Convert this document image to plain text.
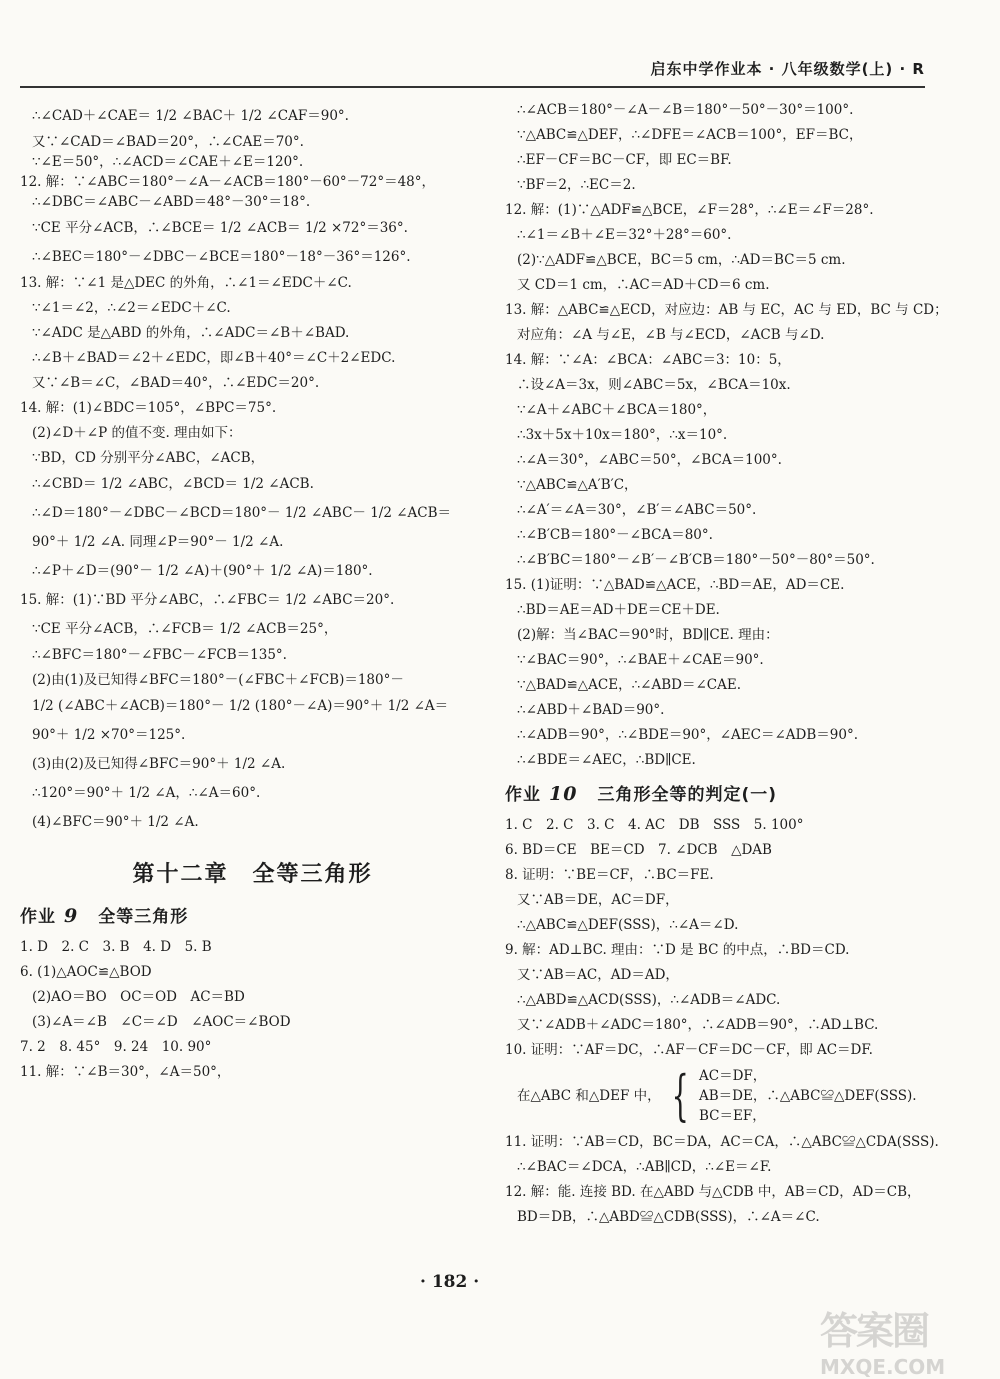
启东中学作业本 · 八年级数学(上) · R

∴∠CAD＋∠CAE＝ 1/2 ∠BAC＋ 1/2 ∠CAF＝90°.

又∵∠CAD＝∠BAD＝20°，∴∠CAE＝70°.

∵∠E＝50°，∴∠ACD＝∠CAE＋∠E＝120°.

12. 解：∵∠ABC＝180°－∠A－∠ACB＝180°－60°－72°＝48°，

∴∠DBC＝∠ABC－∠ABD＝48°－30°＝18°.

∵CE 平分∠ACB，∴∠BCE＝ 1/2 ∠ACB＝ 1/2 ×72°＝36°.

∴∠BEC＝180°－∠DBC－∠BCE＝180°－18°－36°＝126°.

13. 解：∵∠1 是△DEC 的外角，∴∠1＝∠EDC＋∠C.

∵∠1＝∠2，∴∠2＝∠EDC＋∠C.

∵∠ADC 是△ABD 的外角，∴∠ADC＝∠B＋∠BAD.

∴∠B＋∠BAD＝∠2＋∠EDC，即∠B＋40°＝∠C＋2∠EDC.

又∵∠B＝∠C，∠BAD＝40°，∴∠EDC＝20°.

14. 解：(1)∠BDC＝105°，∠BPC＝75°.

(2)∠D＋∠P 的值不变. 理由如下：

∵BD，CD 分别平分∠ABC，∠ACB，

∴∠CBD＝ 1/2 ∠ABC，∠BCD＝ 1/2 ∠ACB.

∴∠D＝180°－∠DBC－∠BCD＝180°－ 1/2 ∠ABC－ 1/2 ∠ACB＝

90°＋ 1/2 ∠A. 同理∠P＝90°－ 1/2 ∠A.

∴∠P＋∠D＝(90°－ 1/2 ∠A)＋(90°＋ 1/2 ∠A)＝180°.

15. 解：(1)∵BD 平分∠ABC，∴∠FBC＝ 1/2 ∠ABC＝20°.

∵CE 平分∠ACB，∴∠FCB＝ 1/2 ∠ACB＝25°，

∴∠BFC＝180°－∠FBC－∠FCB＝135°.

(2)由(1)及已知得∠BFC＝180°－(∠FBC＋∠FCB)＝180°－

1/2 (∠ABC＋∠ACB)＝180°－ 1/2 (180°－∠A)＝90°＋ 1/2 ∠A＝

90°＋ 1/2 ×70°＝125°.

(3)由(2)及已知得∠BFC＝90°＋ 1/2 ∠A.

∴120°＝90°＋ 1/2 ∠A，∴∠A＝60°.

(4)∠BFC＝90°＋ 1/2 ∠A.

第十二章　全等三角形
作业 9 全等三角形

1. D　2. C　3. B　4. D　5. B

6. (1)△AOC≌△BOD

(2)AO＝BO　OC＝OD　AC＝BD

(3)∠A＝∠B　∠C＝∠D　∠AOC＝∠BOD

7. 2　8. 45°　9. 24　10. 90°

11. 解：∵∠B＝30°，∠A＝50°，

∴∠ACB＝180°－∠A－∠B＝180°－50°－30°＝100°.

∵△ABC≌△DEF，∴∠DFE＝∠ACB＝100°，EF＝BC，

∴EF－CF＝BC－CF，即 EC＝BF.

∵BF＝2，∴EC＝2.

12. 解：(1)∵△ADF≌△BCE，∠F＝28°，∴∠E＝∠F＝28°.

∴∠1＝∠B＋∠E＝32°＋28°＝60°.

(2)∵△ADF≌△BCE，BC＝5 cm，∴AD＝BC＝5 cm.

又 CD＝1 cm，∴AC＝AD＋CD＝6 cm.

13. 解：△ABC≌△ECD，对应边：AB 与 EC，AC 与 ED，BC 与 CD；

对应角：∠A 与∠E，∠B 与∠ECD，∠ACB 与∠D.

14. 解：∵∠A：∠BCA：∠ABC＝3：10：5，

∴设∠A＝3x，则∠ABC＝5x，∠BCA＝10x.

∵∠A＋∠ABC＋∠BCA＝180°，

∴3x＋5x＋10x＝180°，∴x＝10°.

∴∠A＝30°，∠ABC＝50°，∠BCA＝100°.

∵△ABC≌△A′B′C，

∴∠A′＝∠A＝30°，∠B′＝∠ABC＝50°.

∴∠B′CB＝180°－∠BCA＝80°.

∴∠B′BC＝180°－∠B′－∠B′CB＝180°－50°－80°＝50°.

15. (1)证明：∵△BAD≌△ACE，∴BD＝AE，AD＝CE.

∴BD＝AE＝AD＋DE＝CE＋DE.

(2)解：当∠BAC＝90°时，BD∥CE. 理由：

∵∠BAC＝90°，∴∠BAE＋∠CAE＝90°.

∵△BAD≌△ACE，∴∠ABD＝∠CAE.

∴∠ABD＋∠BAD＝90°.

∴∠ADB＝90°，∴∠BDE＝90°，∠AEC＝∠ADB＝90°.

∴∠BDE＝∠AEC，∴BD∥CE.

作业 10 三角形全等的判定(一)

1. C　2. C　3. C　4. AC　DB　SSS　5. 100°

6. BD＝CE　BE＝CD　7. ∠DCB　△DAB

8. 证明：∵BE＝CF，∴BC＝FE.

又∵AB＝DE，AC＝DF，

∴△ABC≌△DEF(SSS)，∴∠A＝∠D.

9. 解：AD⊥BC. 理由：∵D 是 BC 的中点，∴BD＝CD.

又∵AB＝AC，AD＝AD，

∴△ABD≌△ACD(SSS)，∴∠ADB＝∠ADC.

又∵∠ADB＋∠ADC＝180°，∴∠ADB＝90°，∴AD⊥BC.

10. 证明：∵AF＝DC，∴AF－CF＝DC－CF，即 AC＝DF.

在△ABC 和△DEF 中， { AC＝DF，

AB＝DE，∴△ABC≌△DEF(SSS).

BC＝EF，

11. 证明：∵AB＝CD，BC＝DA，AC＝CA，∴△ABC≌△CDA(SSS).

∴∠BAC＝∠DCA，∴AB∥CD，∴∠E＝∠F.

12. 解：能. 连接 BD. 在△ABD 与△CDB 中，AB＝CD，AD＝CB，

BD＝DB，∴△ABD≌△CDB(SSS)，∴∠A＝∠C.

· 182 ·
答案圈
MXQE.COM
